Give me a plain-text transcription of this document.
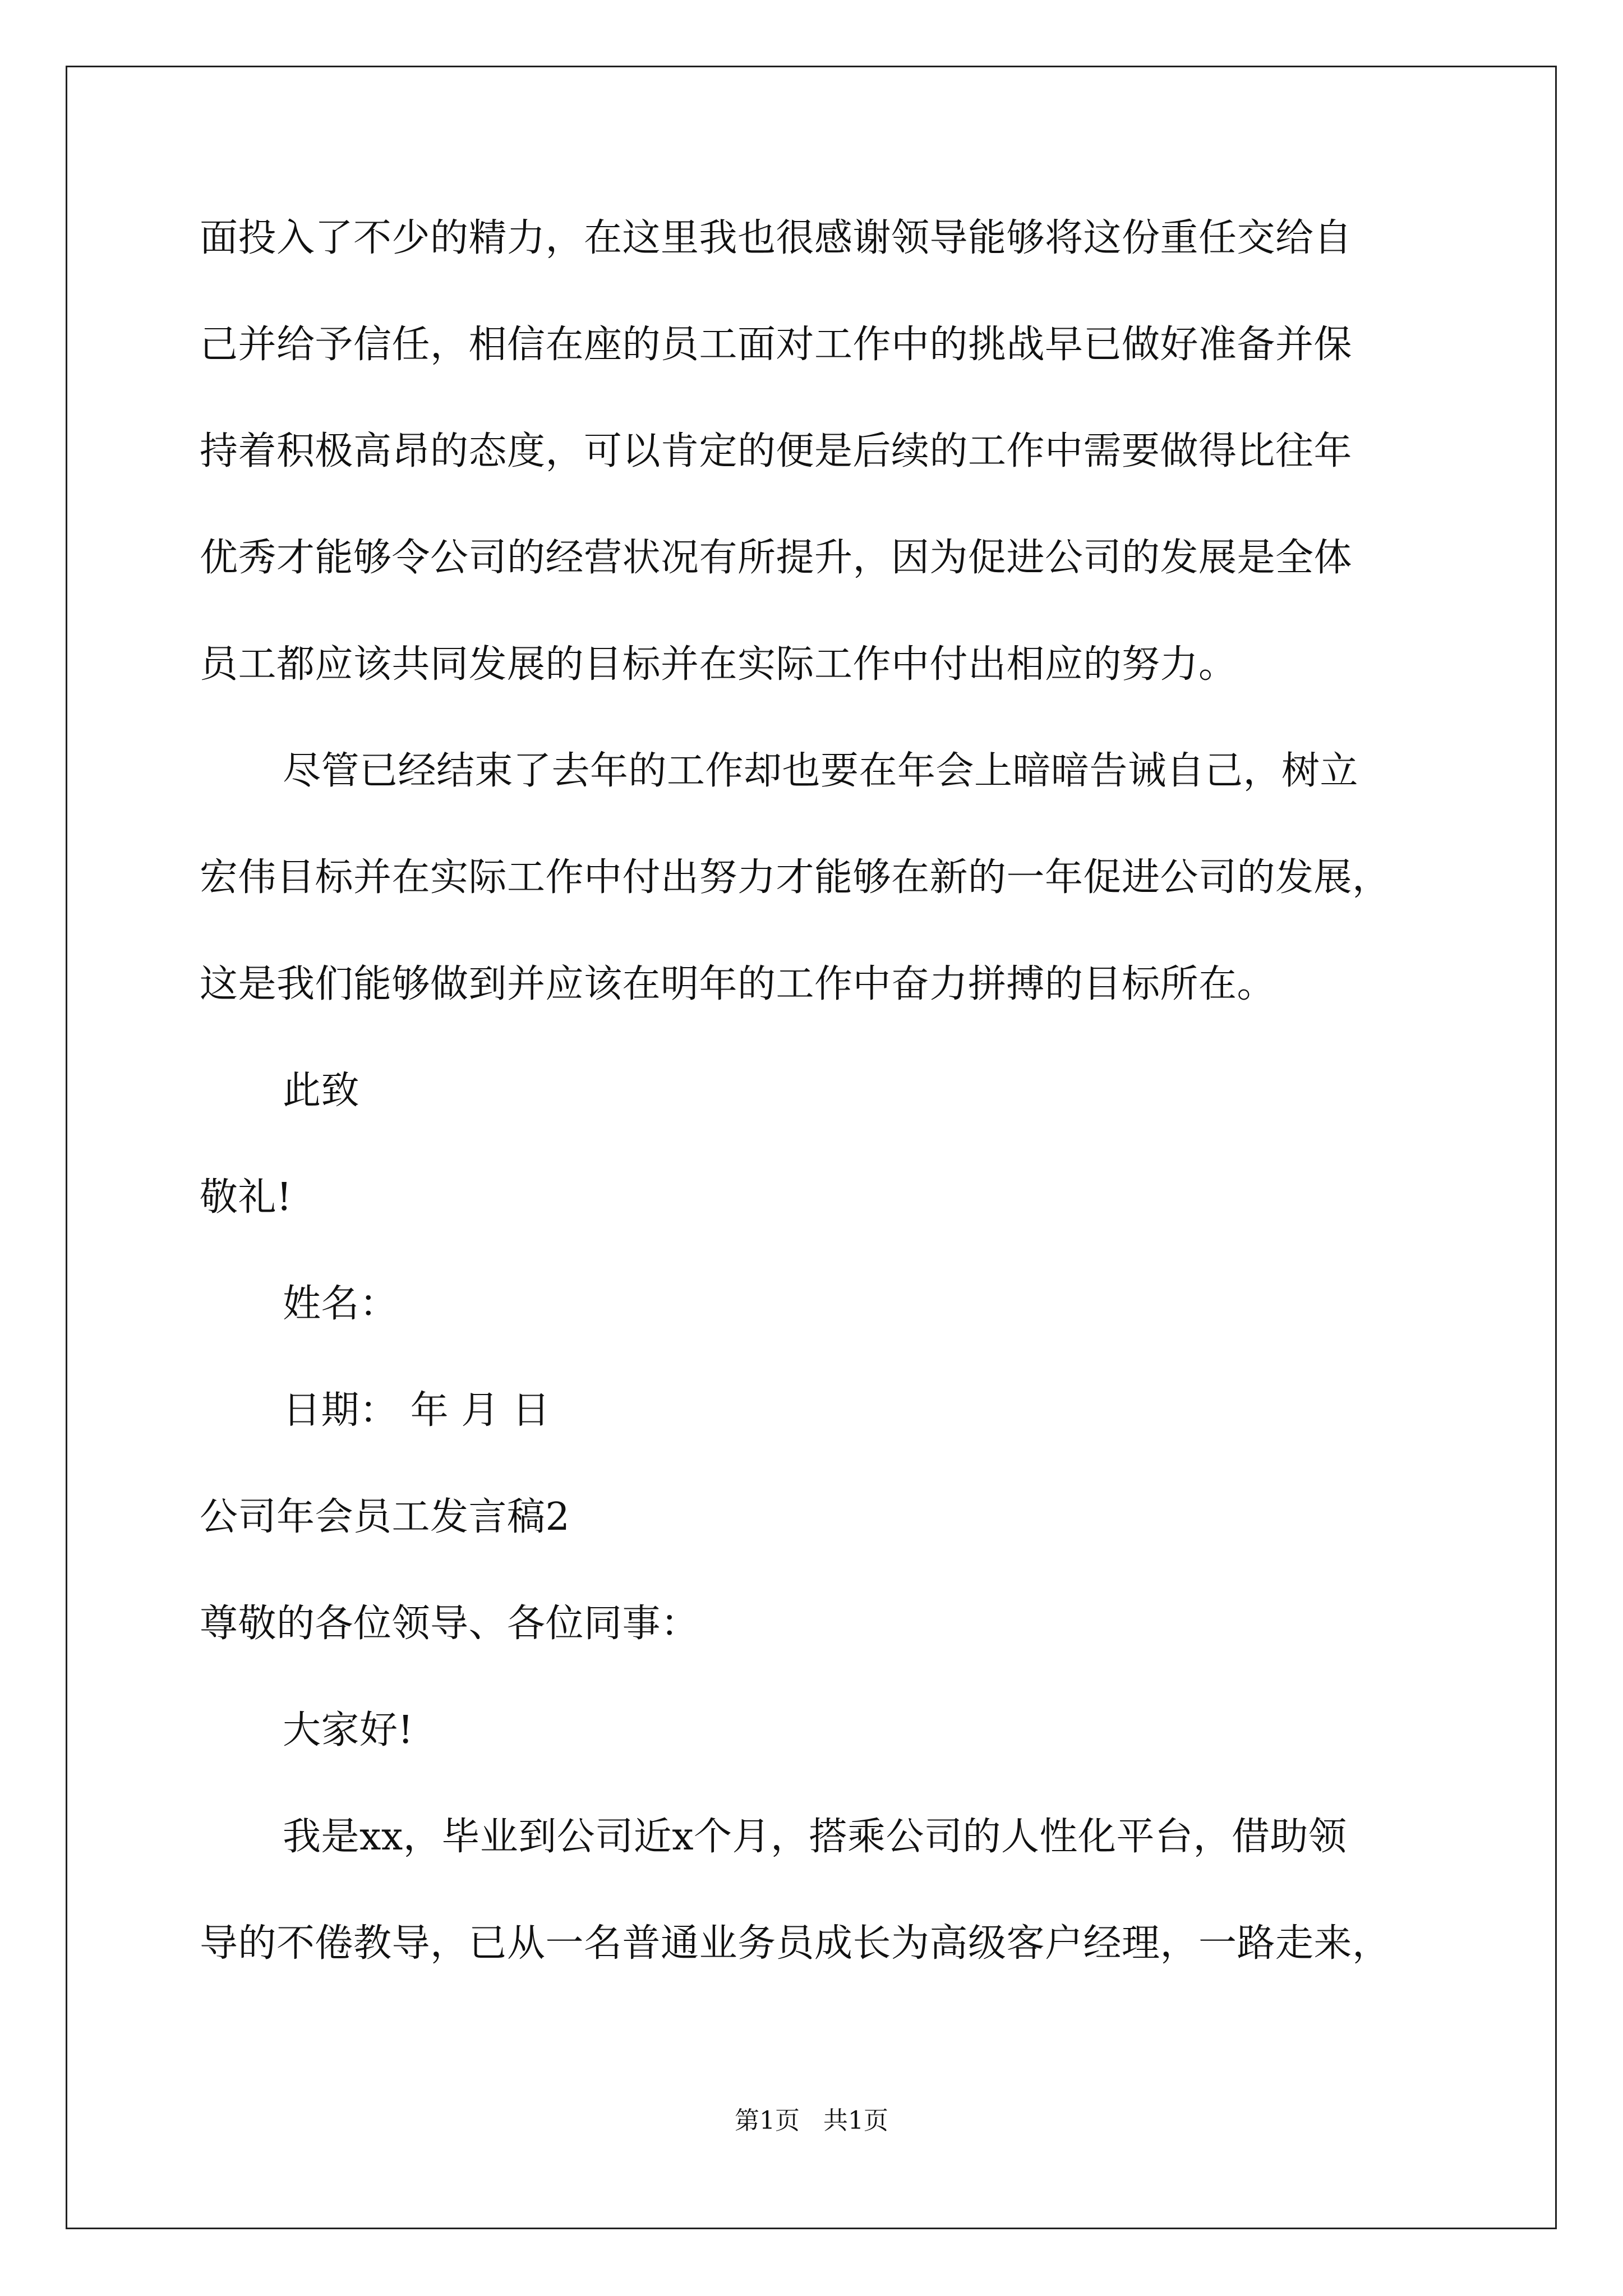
面投入了不少的精力，在这里我也很感谢领导能够将这份重任交给自
己并给予信任，相信在座的员工面对工作中的挑战早已做好准备并保
持着积极高昂的态度，可以肯定的便是后续的工作中需要做得比往年
优秀才能够令公司的经营状况有所提升，因为促进公司的发展是全体
员工都应该共同发展的目标并在实际工作中付出相应的努力。
尽管已经结束了去年的工作却也要在年会上暗暗告诫自己，树立
宏伟目标并在实际工作中付出努力才能够在新的一年促进公司的发展，
这是我们能够做到并应该在明年的工作中奋力拼搏的目标所在。
此致
敬礼!
姓名：
日期： 年 月 日
公司年会员工发言稿2
尊敬的各位领导、各位同事：
大家好!
我是xx，毕业到公司近x个月，搭乘公司的人性化平台，借助领
导的不倦教导，已从一名普通业务员成长为高级客户经理，一路走来，
第1页   共1页
